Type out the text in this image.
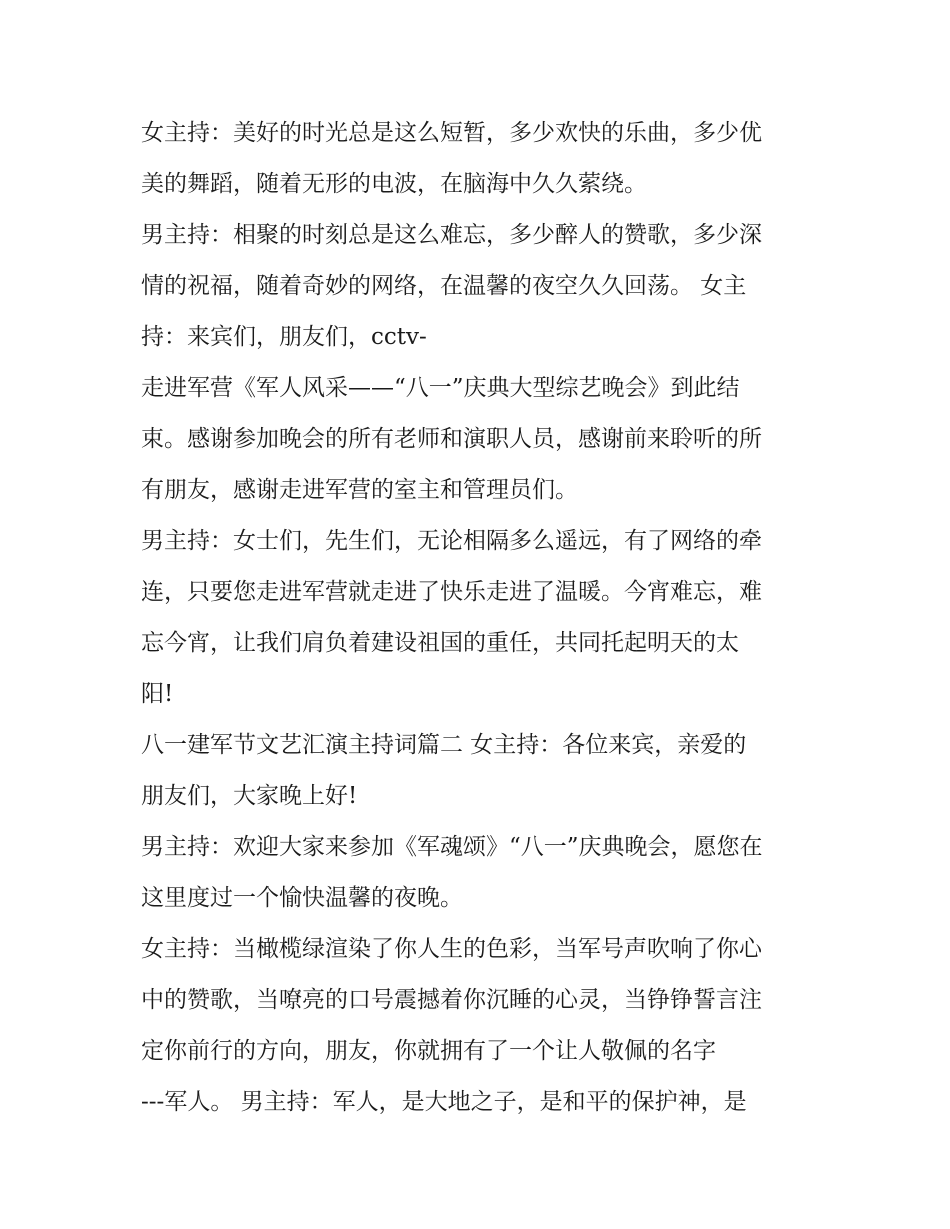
女主持：美好的时光总是这么短暂，多少欢快的乐曲，多少优
美的舞蹈，随着无形的电波，在脑海中久久萦绕。
男主持：相聚的时刻总是这么难忘，多少醉人的赞歌，多少深
情的祝福，随着奇妙的网络，在温馨的夜空久久回荡。 女主
持：来宾们，朋友们，cctv-
走进军营《军人风采——“八一”庆典大型综艺晚会》到此结
束。感谢参加晚会的所有老师和演职人员，感谢前来聆听的所
有朋友，感谢走进军营的室主和管理员们。
男主持：女士们，先生们，无论相隔多么遥远，有了网络的牵
连，只要您走进军营就走进了快乐走进了温暖。今宵难忘，难
忘今宵，让我们肩负着建设祖国的重任，共同托起明天的太
阳!
八一建军节文艺汇演主持词篇二 女主持：各位来宾，亲爱的
朋友们，大家晚上好!
男主持：欢迎大家来参加《军魂颂》“八一”庆典晚会，愿您在
这里度过一个愉快温馨的夜晚。
女主持：当橄榄绿渲染了你人生的色彩，当军号声吹响了你心
中的赞歌，当嘹亮的口号震撼着你沉睡的心灵，当铮铮誓言注
定你前行的方向，朋友，你就拥有了一个让人敬佩的名字
---军人。 男主持：军人，是大地之子，是和平的保护神，是
